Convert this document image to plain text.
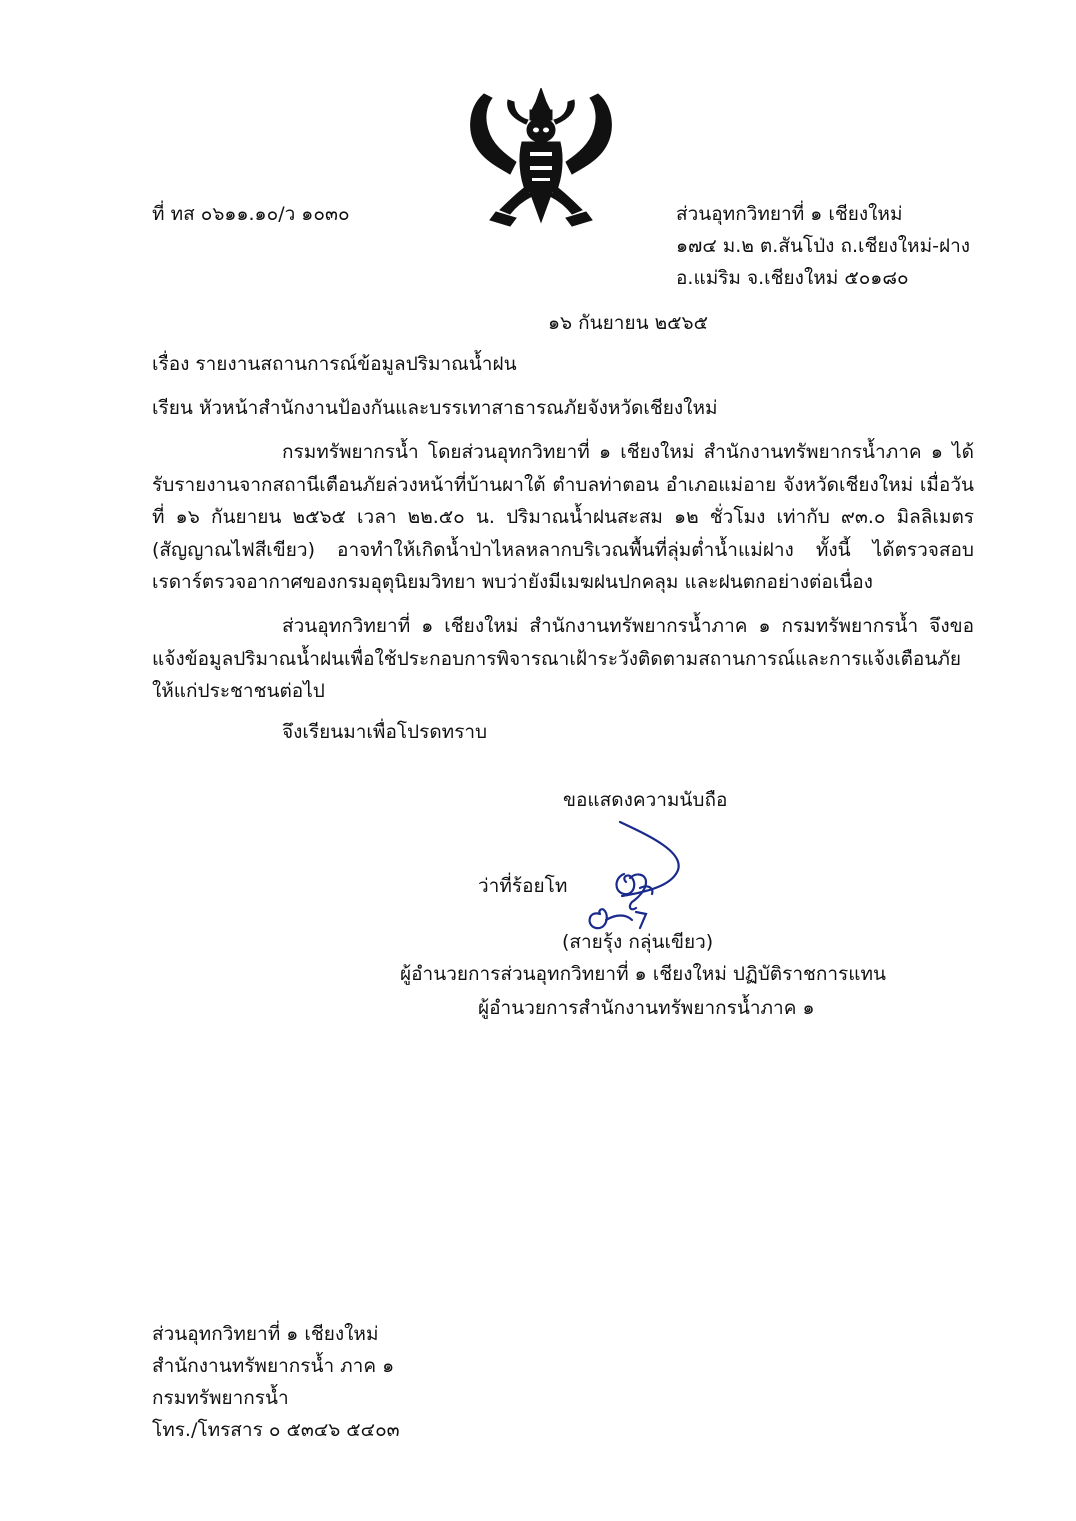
ที่ ทส ๐๖๑๑.๑๐/ว ๑๐๓๐	ส่วนอุทกวิทยาที่ ๑ เชียงใหม่
๑๗๔ ม.๒ ต.สันโป่ง ถ.เชียงใหม่-ฝาง
อ.แม่ริม จ.เชียงใหม่ ๕๐๑๘๐
๑๖ กันยายน ๒๕๖๕
เรื่อง รายงานสถานการณ์ข้อมูลปริมาณน้ำฝน
เรียน หัวหน้าสำนักงานป้องกันและบรรเทาสาธารณภัยจังหวัดเชียงใหม่
กรมทรัพยากรน้ำ โดยส่วนอุทกวิทยาที่ ๑ เชียงใหม่ สำนักงานทรัพยากรน้ำภาค ๑ ได้รับรายงานจากสถานีเตือนภัยล่วงหน้าที่บ้านผาใต้ ตำบลท่าตอน อำเภอแม่อาย จังหวัดเชียงใหม่ เมื่อวันที่ ๑๖ กันยายน ๒๕๖๕ เวลา ๒๒.๕๐ น. ปริมาณน้ำฝนสะสม ๑๒ ชั่วโมง เท่ากับ ๙๓.๐ มิลลิเมตร (สัญญาณไฟสีเขียว) อาจทำให้เกิดน้ำป่าไหลหลากบริเวณพื้นที่ลุ่มต่ำน้ำแม่ฝาง ทั้งนี้ ได้ตรวจสอบเรดาร์ตรวจอากาศของกรมอุตุนิยมวิทยา พบว่ายังมีเมฆฝนปกคลุม และฝนตกอย่างต่อเนื่อง
ส่วนอุทกวิทยาที่ ๑ เชียงใหม่ สำนักงานทรัพยากรน้ำภาค ๑ กรมทรัพยากรน้ำ จึงขอแจ้งข้อมูลปริมาณน้ำฝนเพื่อใช้ประกอบการพิจารณาเฝ้าระวังติดตามสถานการณ์และการแจ้งเตือนภัยให้แก่ประชาชนต่อไป
จึงเรียนมาเพื่อโปรดทราบ
ขอแสดงความนับถือ
ว่าที่ร้อยโท
(สายรุ้ง กลุ่นเขียว)
ผู้อำนวยการส่วนอุทกวิทยาที่ ๑ เชียงใหม่ ปฏิบัติราชการแทน
ผู้อำนวยการสำนักงานทรัพยากรน้ำภาค ๑
ส่วนอุทกวิทยาที่ ๑ เชียงใหม่
สำนักงานทรัพยากรน้ำ ภาค ๑
กรมทรัพยากรน้ำ
โทร./โทรสาร ๐ ๕๓๔๖ ๕๔๐๓
